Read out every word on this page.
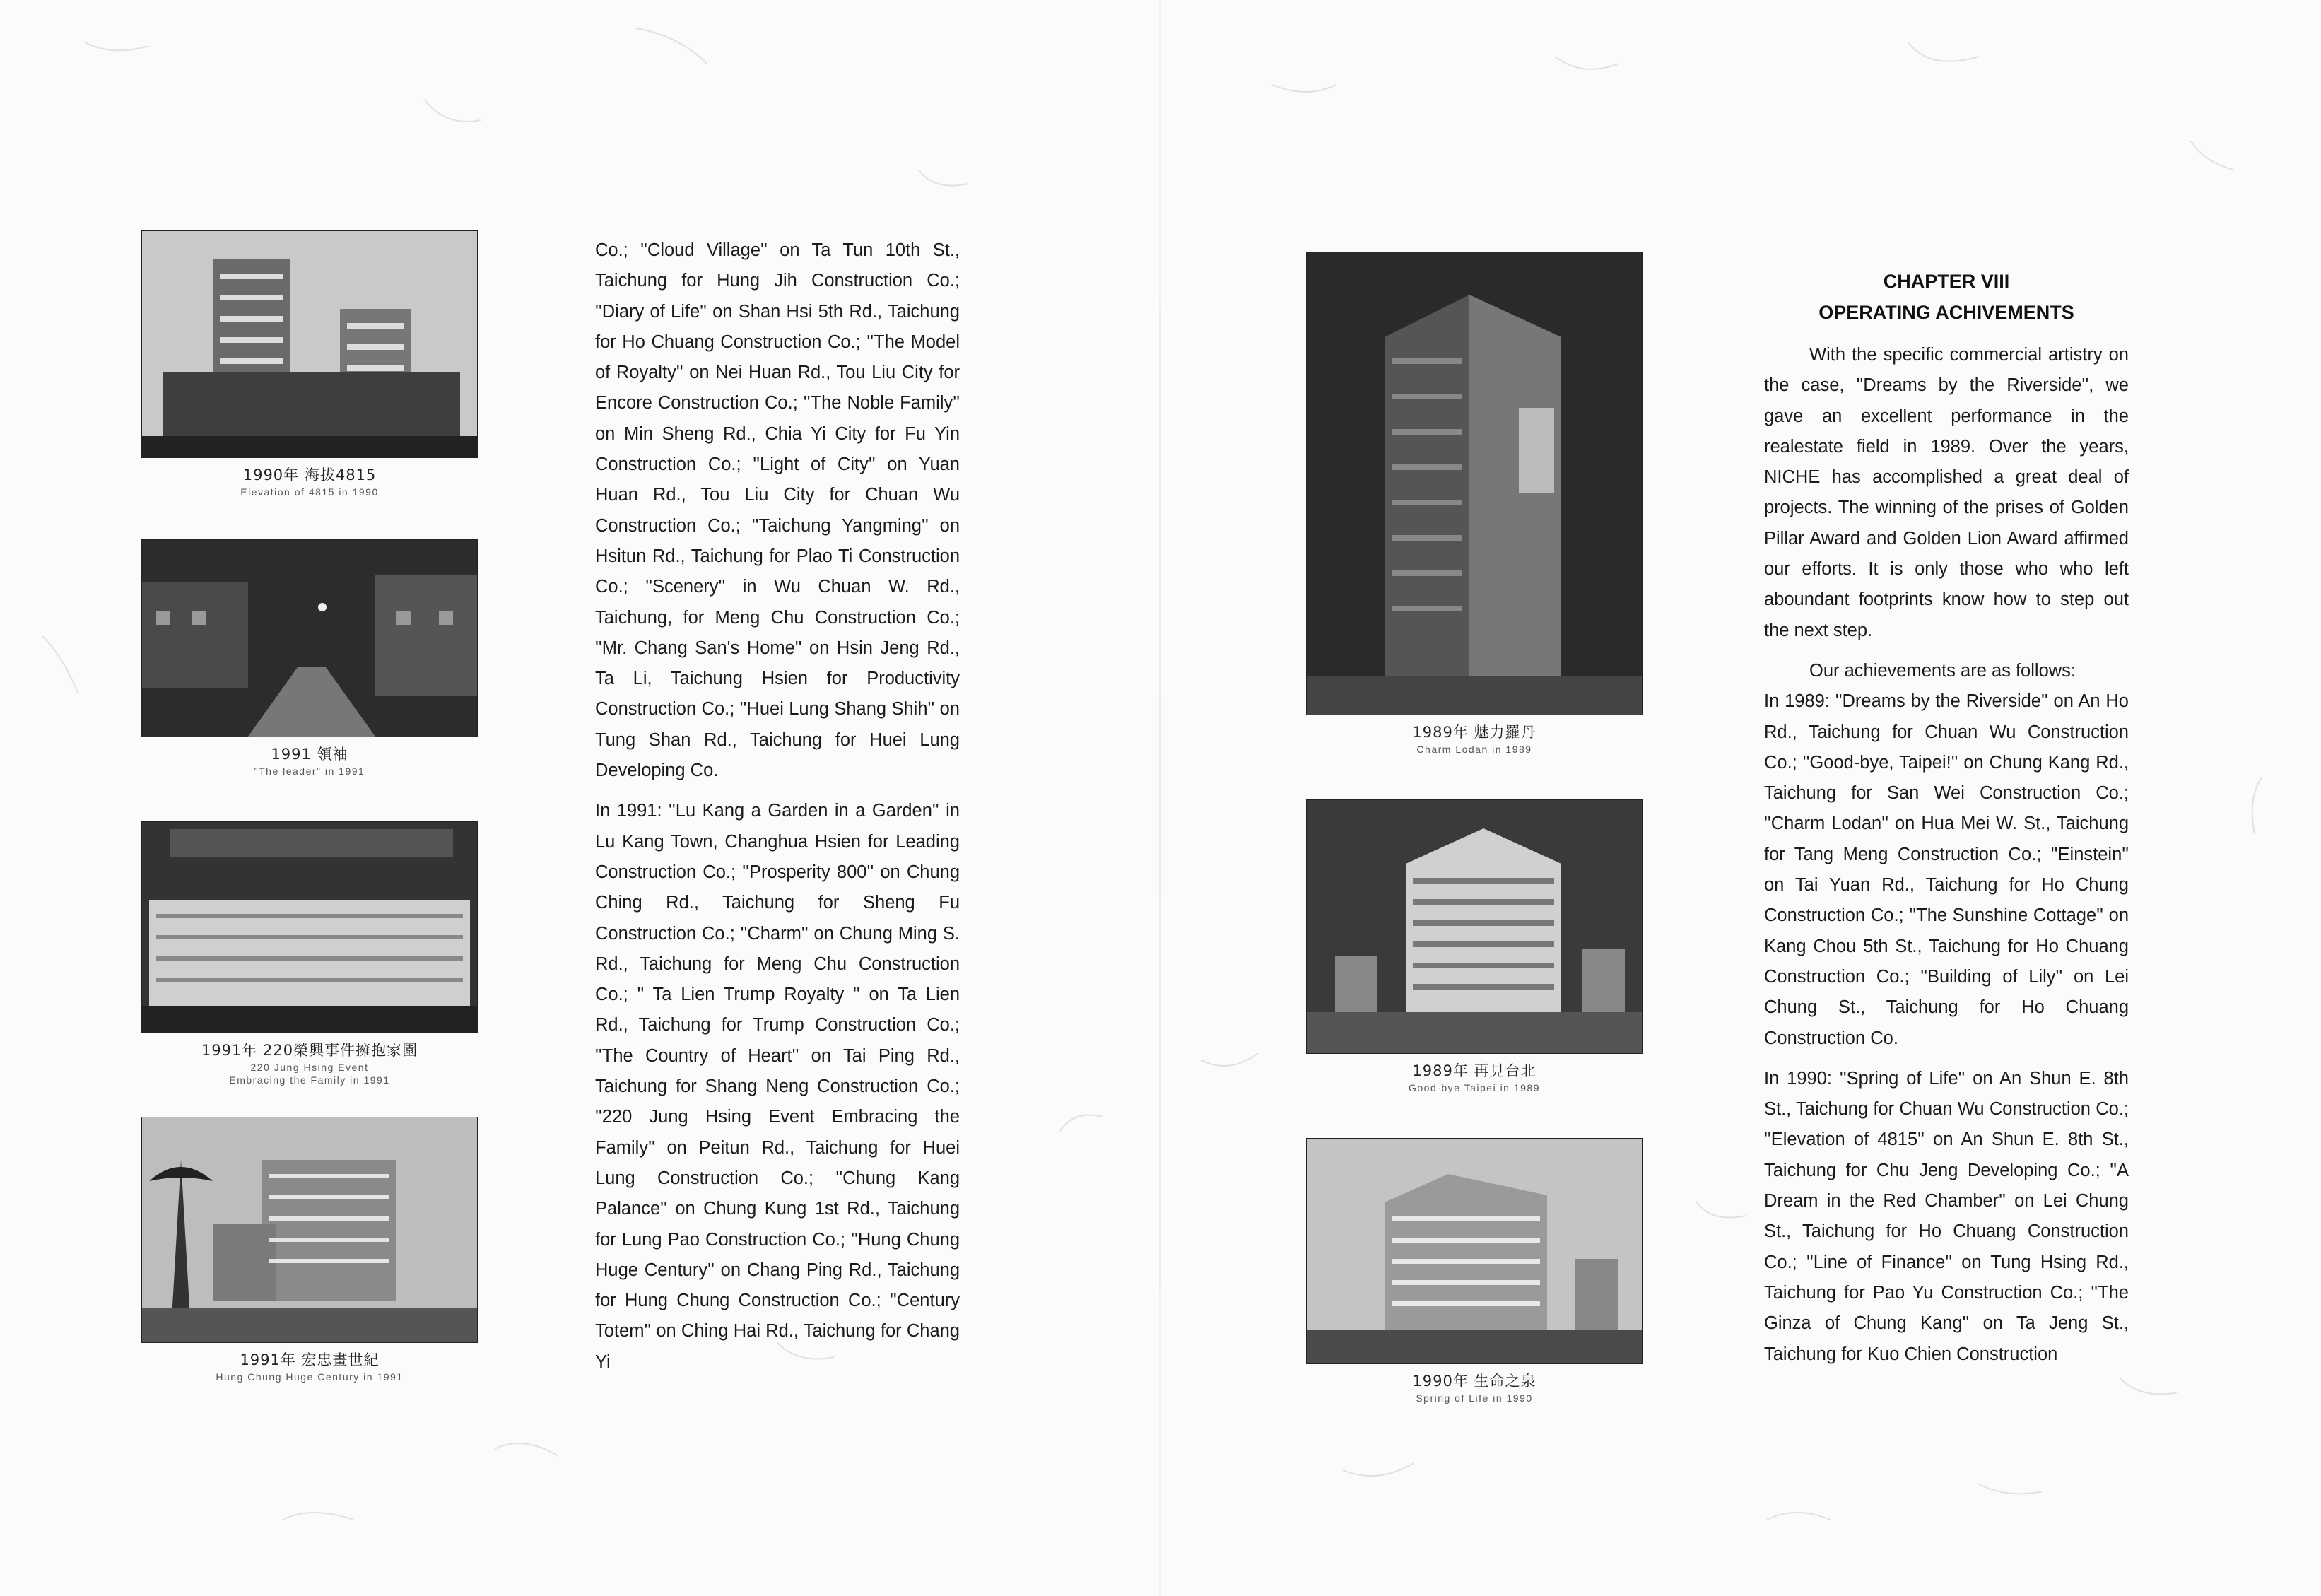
1990年 海拔4815
Elevation of 4815 in 1990
1991 領袖
"The leader" in 1991
1991年 220榮興事件擁抱家園
220 Jung Hsing Event
Embracing the Family in 1991
1991年 宏忠畫世紀
Hung Chung Huge Century in 1991

Co.; ''Cloud Village'' on Ta Tun 10th St., Taichung for Hung Jih Construction Co.; ''Diary of Life'' on Shan Hsi 5th Rd., Taichung for Ho Chuang Construction Co.; ''The Model of Royalty'' on Nei Huan Rd., Tou Liu City for Encore Construction Co.; ''The Noble Family'' on Min Sheng Rd., Chia Yi City for Fu Yin Construction Co.; ''Light of City'' on Yuan Huan Rd., Tou Liu City for Chuan Wu Construction Co.; ''Taichung Yangming'' on Hsitun Rd., Taichung for Plao Ti Construction Co.; ''Scenery'' in Wu Chuan W. Rd., Taichung, for Meng Chu Construction Co.; ''Mr. Chang San's Home'' on Hsin Jeng Rd., Ta Li, Taichung Hsien for Productivity Construction Co.; ''Huei Lung Shang Shih'' on Tung Shan Rd., Taichung for Huei Lung Developing Co.

In 1991: ''Lu Kang a Garden in a Garden'' in Lu Kang Town, Changhua Hsien for Leading Construction Co.; ''Prosperity 800'' on Chung Ching Rd., Taichung for Sheng Fu Construction Co.; ''Charm'' on Chung Ming S. Rd., Taichung for Meng Chu Construction Co.; '' Ta Lien Trump Royalty '' on Ta Lien Rd., Taichung for Trump Construction Co.; ''The Country of Heart'' on Tai Ping Rd., Taichung for Shang Neng Construction Co.; ''220 Jung Hsing Event Embracing the Family'' on Peitun Rd., Taichung for Huei Lung Construction Co.; ''Chung Kang Palance'' on Chung Kung 1st Rd., Taichung for Lung Pao Construction Co.; ''Hung Chung Huge Century'' on Chang Ping Rd., Taichung for Hung Chung Construction Co.; ''Century Totem'' on Ching Hai Rd., Taichung for Chang Yi

1989年 魅力羅丹
Charm Lodan in 1989
1989年 再見台北
Good-bye Taipei in 1989
1990年 生命之泉
Spring of Life in 1990
CHAPTER VIII
OPERATING ACHIVEMENTS

With the specific commercial artistry on the case, ''Dreams by the Riverside'', we gave an excellent performance in the realestate field in 1989. Over the years, NICHE has accomplished a great deal of projects. The winning of the prises of Golden Pillar Award and Golden Lion Award affirmed our efforts. It is only those who who left aboundant footprints know how to step out the next step.

Our achievements are as follows:

In 1989: ''Dreams by the Riverside'' on An Ho Rd., Taichung for Chuan Wu Construction Co.; ''Good-bye, Taipei!'' on Chung Kang Rd., Taichung for San Wei Construction Co.; ''Charm Lodan'' on Hua Mei W. St., Taichung for Tang Meng Construction Co.; ''Einstein'' on Tai Yuan Rd., Taichung for Ho Chung Construction Co.; ''The Sunshine Cottage'' on Kang Chou 5th St., Taichung for Ho Chuang Construction Co.; ''Building of Lily'' on Lei Chung St., Taichung for Ho Chuang Construction Co.

In 1990: ''Spring of Life'' on An Shun E. 8th St., Taichung for Chuan Wu Construction Co.; ''Elevation of 4815'' on An Shun E. 8th St., Taichung for Chu Jeng Developing Co.; ''A Dream in the Red Chamber'' on Lei Chung St., Taichung for Ho Chuang Construction Co.; ''Line of Finance'' on Tung Hsing Rd., Taichung for Pao Yu Construction Co.; ''The Ginza of Chung Kang'' on Ta Jeng St., Taichung for Kuo Chien Construction
